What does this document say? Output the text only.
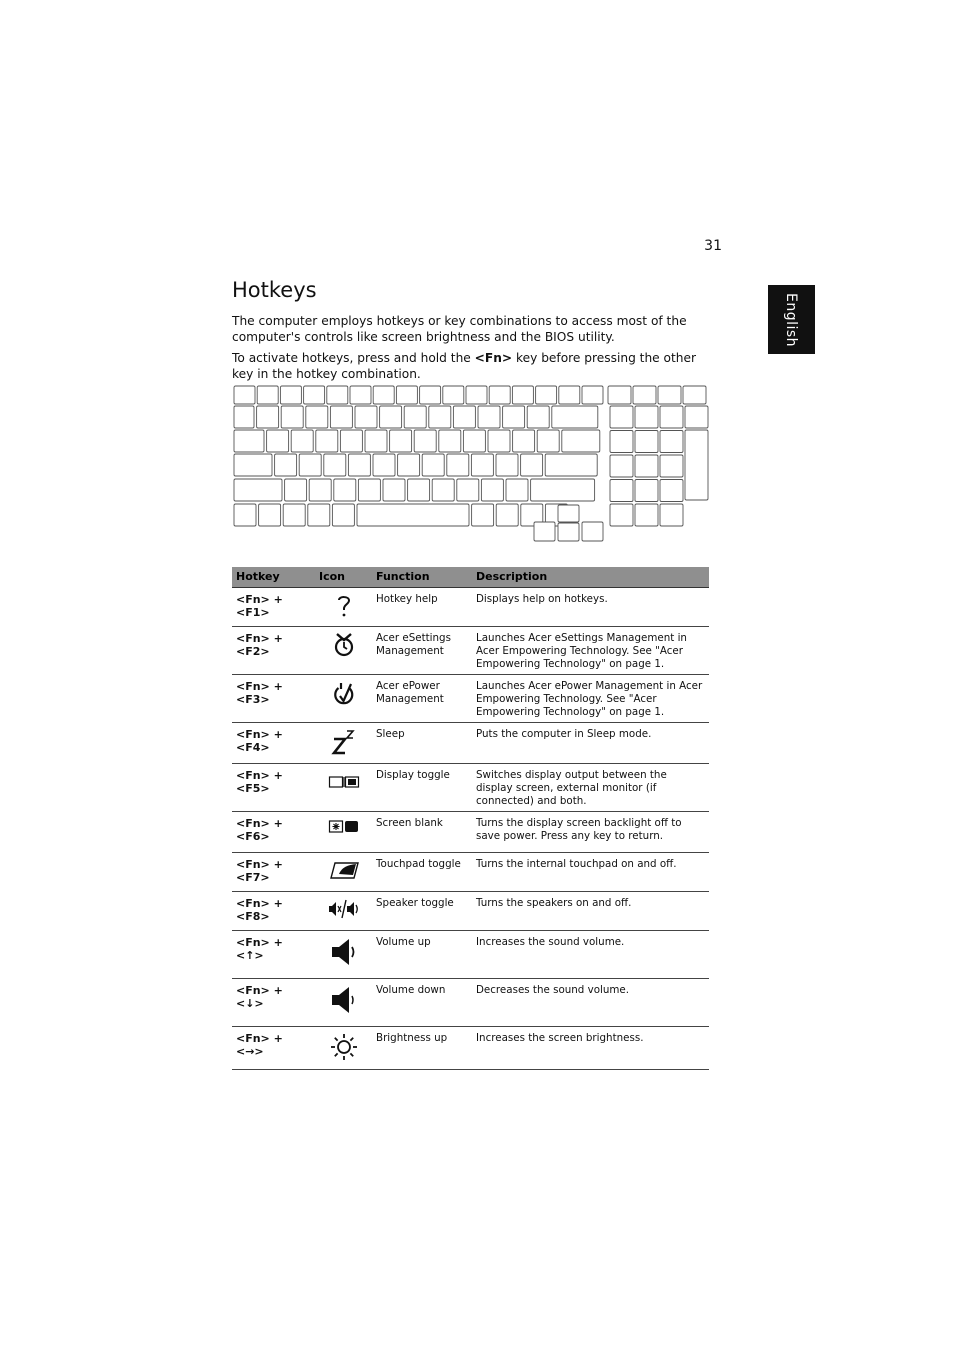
31
English
Hotkeys

The computer employs hotkeys or key combinations to access most of the computer's controls like screen brightness and the BIOS utility.

To activate hotkeys, press and hold the <Fn> key before pressing the other key in the hotkey combination.

Hotkey	Icon	Function	Description
<Fn> + <F1>		Hotkey help	Displays help on hotkeys.
<Fn> + <F2>		Acer eSettings Management	Launches Acer eSettings Management in Acer Empowering Technology. See "Acer Empowering Technology" on page 1.
<Fn> + <F3>		Acer ePower Management	Launches Acer ePower Management in Acer Empowering Technology. See "Acer Empowering Technology" on page 1.
<Fn> + <F4>		Sleep	Puts the computer in Sleep mode.
<Fn> + <F5>		Display toggle	Switches display output between the display screen, external monitor (if connected) and both.
<Fn> + <F6>		Screen blank	Turns the display screen backlight off to save power. Press any key to return.
<Fn> + <F7>		Touchpad toggle	Turns the internal touchpad on and off.
<Fn> + <F8>		Speaker toggle	Turns the speakers on and off.
<Fn> + <↑>		Volume up	Increases the sound volume.
<Fn> + <↓>		Volume down	Decreases the sound volume.
<Fn> + <→>		Brightness up	Increases the screen brightness.
